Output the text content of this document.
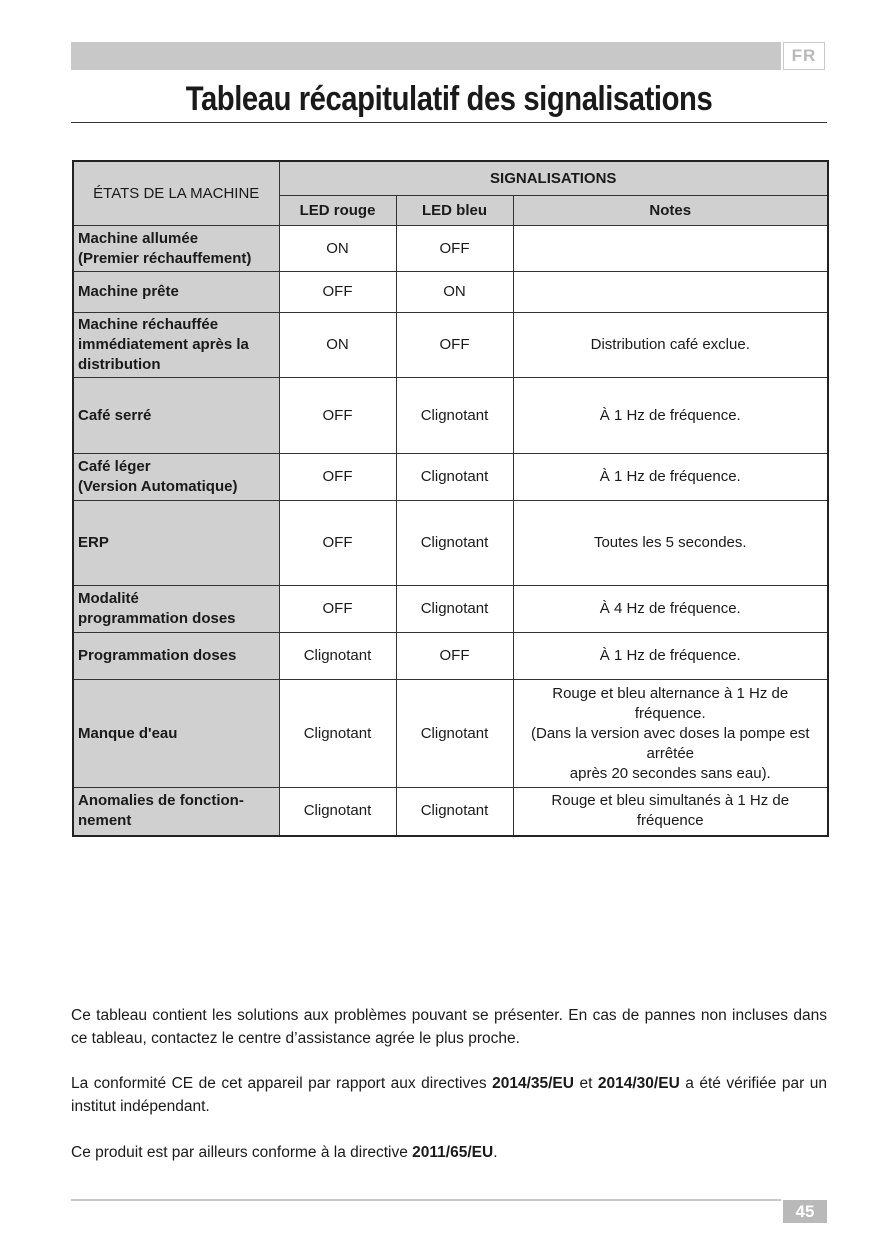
FR
Tableau récapitulatif des signalisations
ÉTATS DE LA MACHINE	SIGNALISATIONS		
	LED rouge	LED bleu	Notes
Machine allumée
(Premier réchauffement)	ON	OFF	
Machine prête	OFF	ON	
Machine réchauffée
immédiatement après la
distribution	ON	OFF	Distribution café exclue.
Café serré	OFF	Clignotant	À 1 Hz de fréquence.
Café léger
(Version Automatique)	OFF	Clignotant	À 1 Hz de fréquence.
ERP	OFF	Clignotant	Toutes les 5 secondes.
Modalité
programmation doses	OFF	Clignotant	À 4 Hz de fréquence.
Programmation doses	Clignotant	OFF	À 1 Hz de fréquence.
Manque d'eau	Clignotant	Clignotant	Rouge et bleu alternance à 1 Hz de
fréquence.
(Dans la version avec doses la pompe est
arrêtée
après 20 secondes sans eau).
Anomalies de fonction-
nement	Clignotant	Clignotant	Rouge et bleu simultanés à 1 Hz de
fréquence
Ce tableau contient les solutions aux problèmes pouvant se présenter. En cas de pannes non incluses dans ce tableau, contactez le centre d’assistance agrée le plus proche.
La conformité CE de cet appareil par rapport aux directives 2014/35/EU et 2014/30/EU a été vérifiée par un institut indépendant.
Ce produit est par ailleurs conforme à la directive 2011/65/EU.
45
